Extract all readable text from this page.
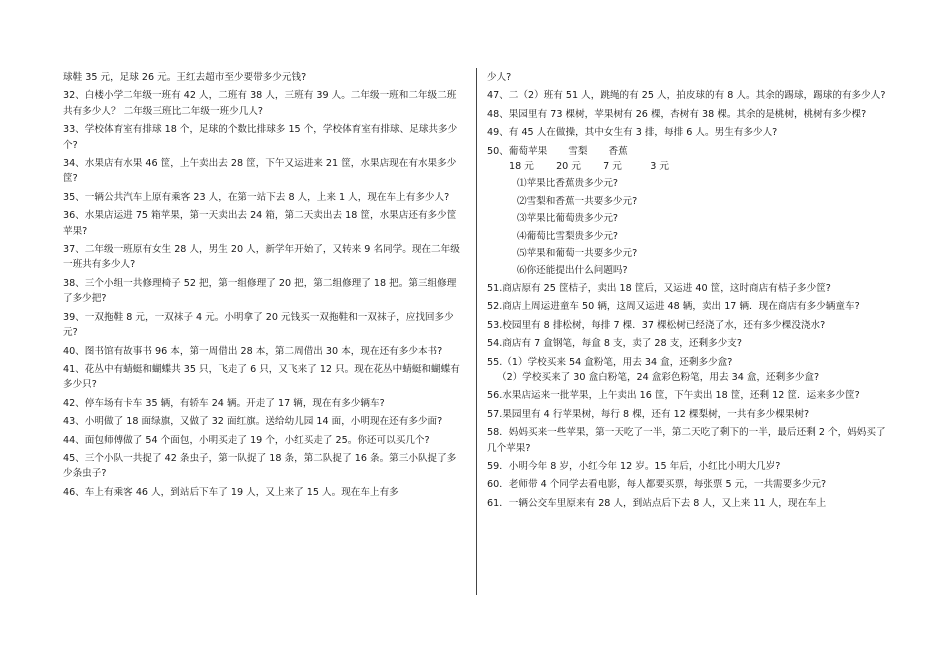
球鞋 35 元，足球 26 元。王红去超市至少要带多少元钱?

32、白楼小学二年级一班有 42 人，二班有 38 人，三班有 39 人。二年级一班和二年级二班共有多少人？ 二年级三班比二年级一班少几人?

33、学校体育室有排球 18 个，足球的个数比排球多 15 个，学校体育室有排球、足球共多少个?

34、水果店有水果 46 筐，上午卖出去 28 筐，下午又运进来 21 筐，水果店现在有水果多少筐?

35、一辆公共汽车上原有乘客 23 人，在第一站下去 8 人，上来 1 人，现在车上有多少人?

36、水果店运进 75 箱苹果，第一天卖出去 24 箱，第二天卖出去 18 筐，水果店还有多少筐苹果?

37、二年级一班原有女生 28 人，男生 20 人，新学年开始了，又转来 9 名同学。现在二年级一班共有多少人?

38、三个小组一共修理椅子 52 把，第一组修理了 20 把，第二组修理了 18 把。第三组修理了多少把?

39、一双拖鞋 8 元，一双袜子 4 元。小明拿了 20 元钱买一双拖鞋和一双袜子，应找回多少元?

40、图书馆有故事书 96 本，第一周借出 28 本，第二周借出 30 本，现在还有多少本书?

41、花丛中有蜻蜓和蝴蝶共 35 只，飞走了 6 只，又飞来了 12 只。现在花丛中蜻蜓和蝴蝶有多少只?

42、停车场有卡车 35 辆，有轿车 24 辆。开走了 17 辆，现在有多少辆车?

43、小明做了 18 面绿旗，又做了 32 面红旗。送给幼儿园 14 面，小明现在还有多少面?

44、面包师傅做了 54 个面包，小明买走了 19 个，小红买走了 25。你还可以买几个?

45、三个小队一共捉了 42 条虫子，第一队捉了 18 条，第二队捉了 16 条。第三小队捉了多少条虫子?

46、车上有乘客 46 人，到站后下车了 19 人，又上来了 15 人。现在车上有多

少人?

47、二（2）班有 51 人，跳绳的有 25 人，拍皮球的有 8 人。其余的踢球，踢球的有多少人?

48、果园里有 73 棵树，苹果树有 26 棵，杏树有 38 棵。其余的是桃树，桃树有多少棵?

49、有 45 人在做操，其中女生有 3 排，每排 6 人。男生有多少人?

50、葡萄苹果 雪梨 香蕉

18 元 20 元 7 元	3 元

⑴苹果比香蕉贵多少元?

⑵雪梨和香蕉一共要多少元?

⑶苹果比葡萄贵多少元?

⑷葡萄比雪梨贵多少元?

⑸苹果和葡萄一共要多少元?

⑹你还能提出什么问题吗?

51.商店原有 25 筐桔子，卖出 18 筐后，又运进 40 筐，这时商店有桔子多少筐?

52.商店上周运进童车 50 辆，这周又运进 48 辆，卖出 17 辆．现在商店有多少辆童车?

53.校园里有 8 排松树，每排 7 棵．37 棵松树已经浇了水，还有多少棵没浇水?

54.商店有 7 盒钢笔，每盒 8 支，卖了 28 支，还剩多少支?

55.（1）学校买来 54 盒粉笔，用去 34 盒，还剩多少盒?

（2）学校买来了 30 盒白粉笔，24 盒彩色粉笔，用去 34 盒，还剩多少盒?

56.水果店运来一批苹果，上午卖出 16 筐，下午卖出 18 筐，还剩 12 筐．运来多少筐?

57.果园里有 4 行苹果树，每行 8 棵，还有 12 棵梨树，一共有多少棵果树?

58．妈妈买来一些苹果，第一天吃了一半，第二天吃了剩下的一半，最后还剩 2 个，妈妈买了几个苹果?

59．小明今年 8 岁，小红今年 12 岁。15 年后，小红比小明大几岁?

60．老师带 4 个同学去看电影，每人都要买票，每张票 5 元，一共需要多少元?

61．一辆公交车里原来有 28 人，到站点后下去 8 人，又上来 11 人，现在车上
